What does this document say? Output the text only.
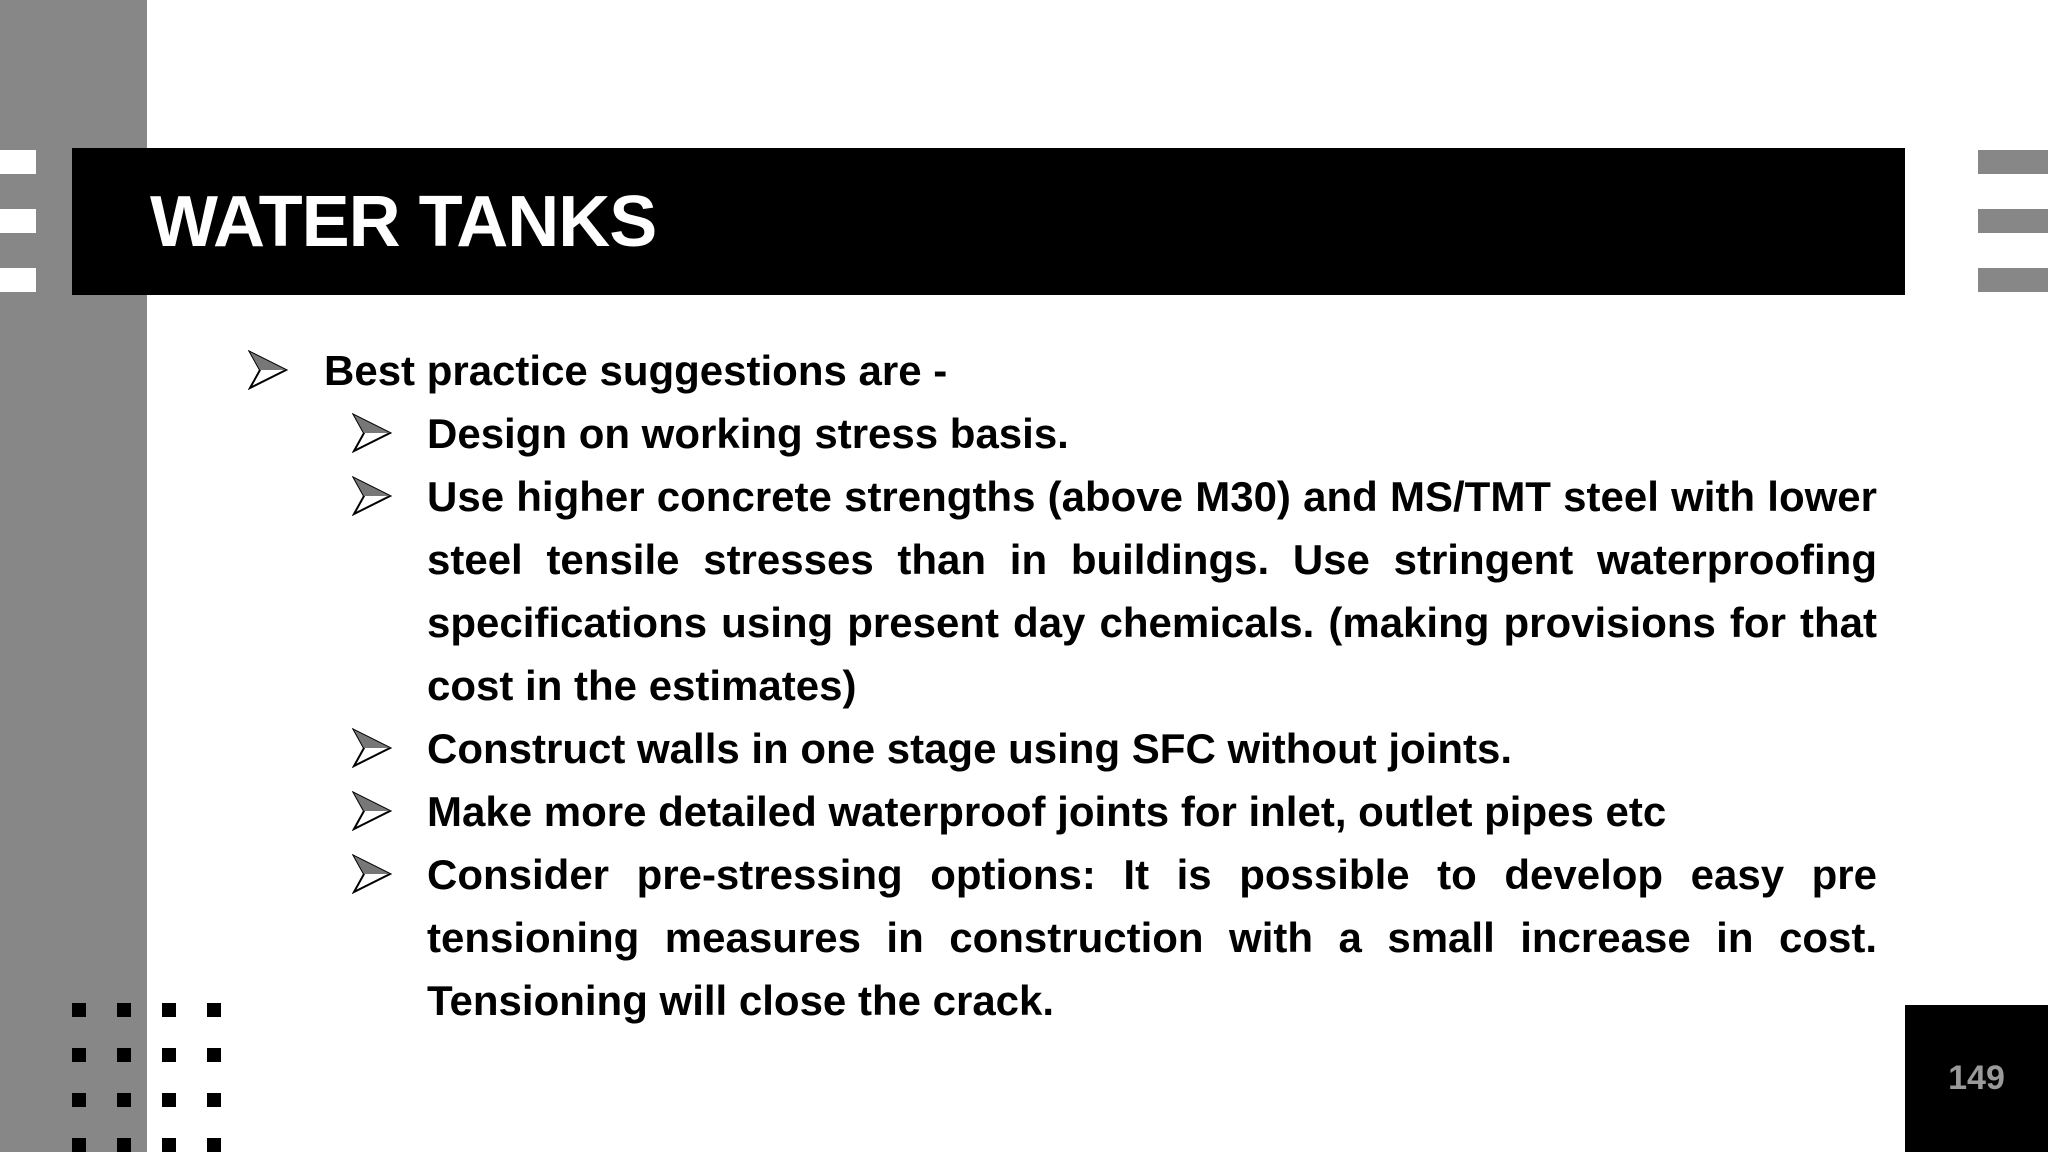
WATER TANKS
Best practice suggestions are -
Design on working stress basis.
Use higher concrete strengths (above M30) and MS/TMT steel with lower steel tensile stresses than in buildings. Use stringent waterproofing specifications using present day chemicals. (making provisions for that cost in the estimates)
Construct walls in one stage using SFC without joints.
Make more detailed waterproof joints for inlet, outlet pipes etc
Consider pre-stressing options: It is possible to develop easy pre tensioning measures in construction with a small increase in cost. Tensioning will close the crack.
149
